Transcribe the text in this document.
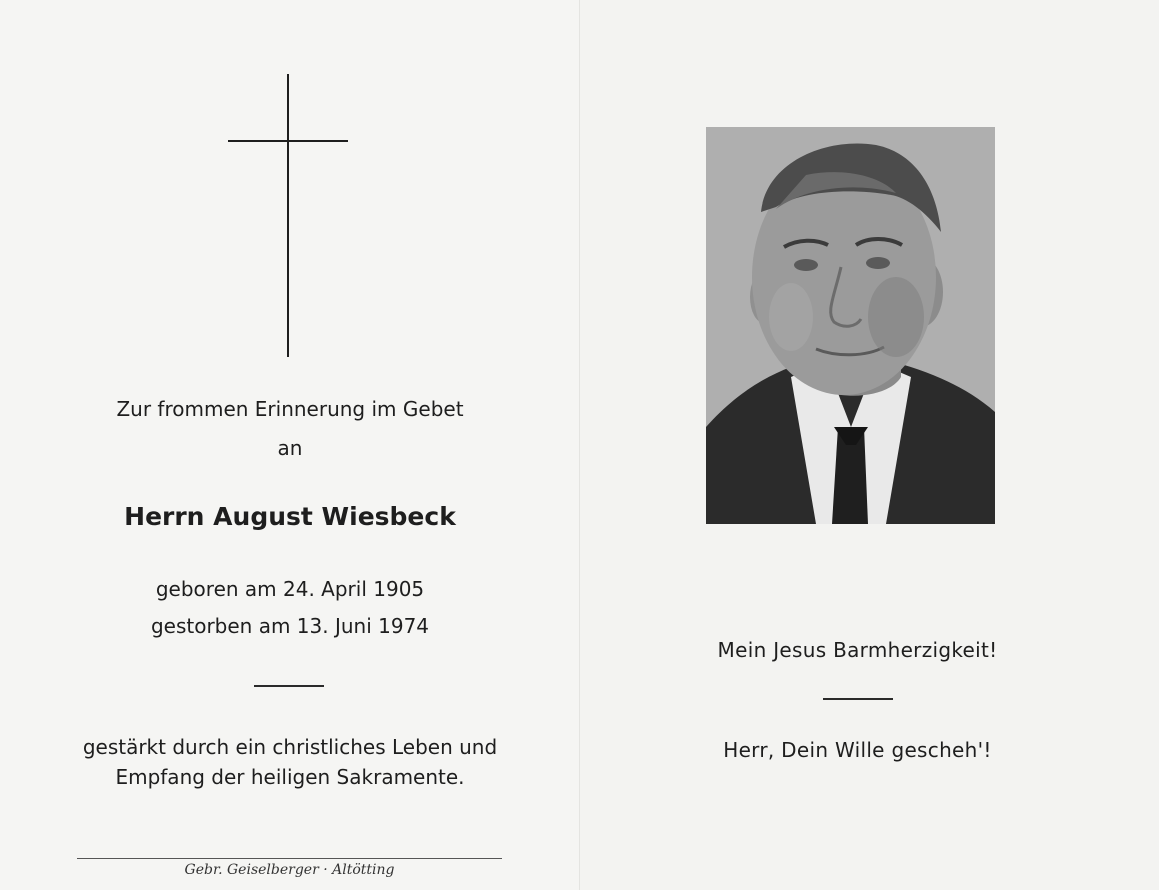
Zur frommen Erinnerung im Gebet
an
Herrn August Wiesbeck
geboren am 24. April 1905
gestorben am 13. Juni 1974
gestärkt durch ein christliches Leben und
Empfang der heiligen Sakramente.
Gebr. Geiselberger · Altötting
Mein Jesus Barmherzigkeit!
Herr, Dein Wille gescheh'!
